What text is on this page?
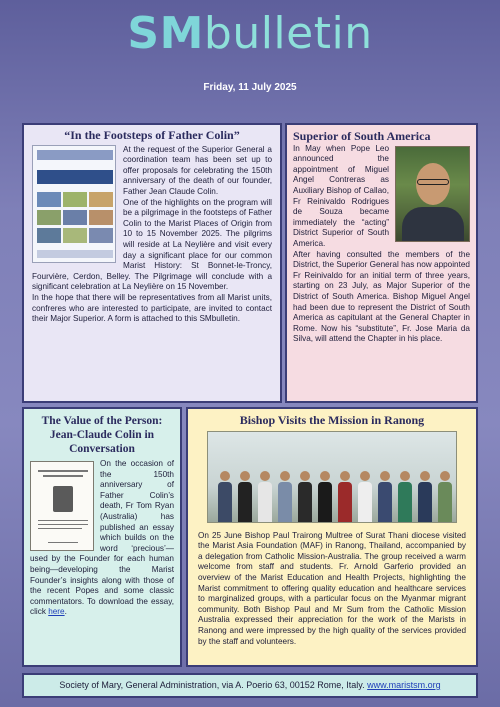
SMbulletin
Friday, 11 July 2025
“In the Footsteps of Father Colin”
At the request of the Superior General a coordination team has been set up to offer proposals for celebrating the 150th anniversary of the death of our founder, Father Jean Claude Colin.
One of the highlights on the program will be a pilgrimage in the footsteps of Father Colin to the Marist Places of Origin from 10 to 15 November 2025. The pilgrims will reside at La Neylière and visit every day a significant place for our common Marist History: St Bonnet-le-Troncy, Fourvière, Cerdon, Belley. The Pilgrimage will conclude with a significant celebration at La Neylière on 15 November.
In the hope that there will be representatives from all Marist units, confreres who are interested to participate, are invited to contact their Major Superior. A form is attached to this SMbulletin.
Superior of South America
In May when Pope Leo announced the appointment of Miguel Angel Contreras as Auxiliary Bishop of Callao, Fr Reinivaldo Rodrigues de Souza became immediately the “acting” District Superior of South America.
After having consulted the members of the District, the Superior General has now appointed Fr Reinivaldo for an initial term of three years, starting on 23 July, as Major Superior of the District of South America. Bishop Miguel Angel had been due to represent the District of South America as capitulant at the General Chapter in Rome. Now his “substitute”, Fr. Jose Maria da Silva, will attend the Chapter in his place.
The Value of the Person: Jean-Claude Colin in Conversation
On the occasion of the 150th anniversary of Father Colin’s death, Fr Tom Ryan (Australia) has published an essay which builds on the word ‘precious’—used by the Founder for each human being—developing the Marist Founder’s insights along with those of the recent Popes and some classic commentators. To download the essay, click here.
Bishop Visits the Mission in Ranong
On 25 June Bishop Paul Trairong Multree of Surat Thani diocese visited the Marist Asia Foundation (MAF) in Ranong, Thailand, accompanied by a delegation from Catholic Mission-Australia. The group received a warm welcome from staff and students. Fr. Arnold Garferio provided an overview of the Marist Education and Health Projects, highlighting the Marist commitment to offering quality education and healthcare services to marginalized groups, with a particular focus on the Myanmar migrant community. Both Bishop Paul and Mr Sum from the Catholic Mission Australia expressed their appreciation for the work of the Marists in Ranong and were impressed by the high quality of the services provided by the staff and volunteers.
Society of Mary, General Administration, via A. Poerio 63, 00152 Rome, Italy. www.maristsm.org
